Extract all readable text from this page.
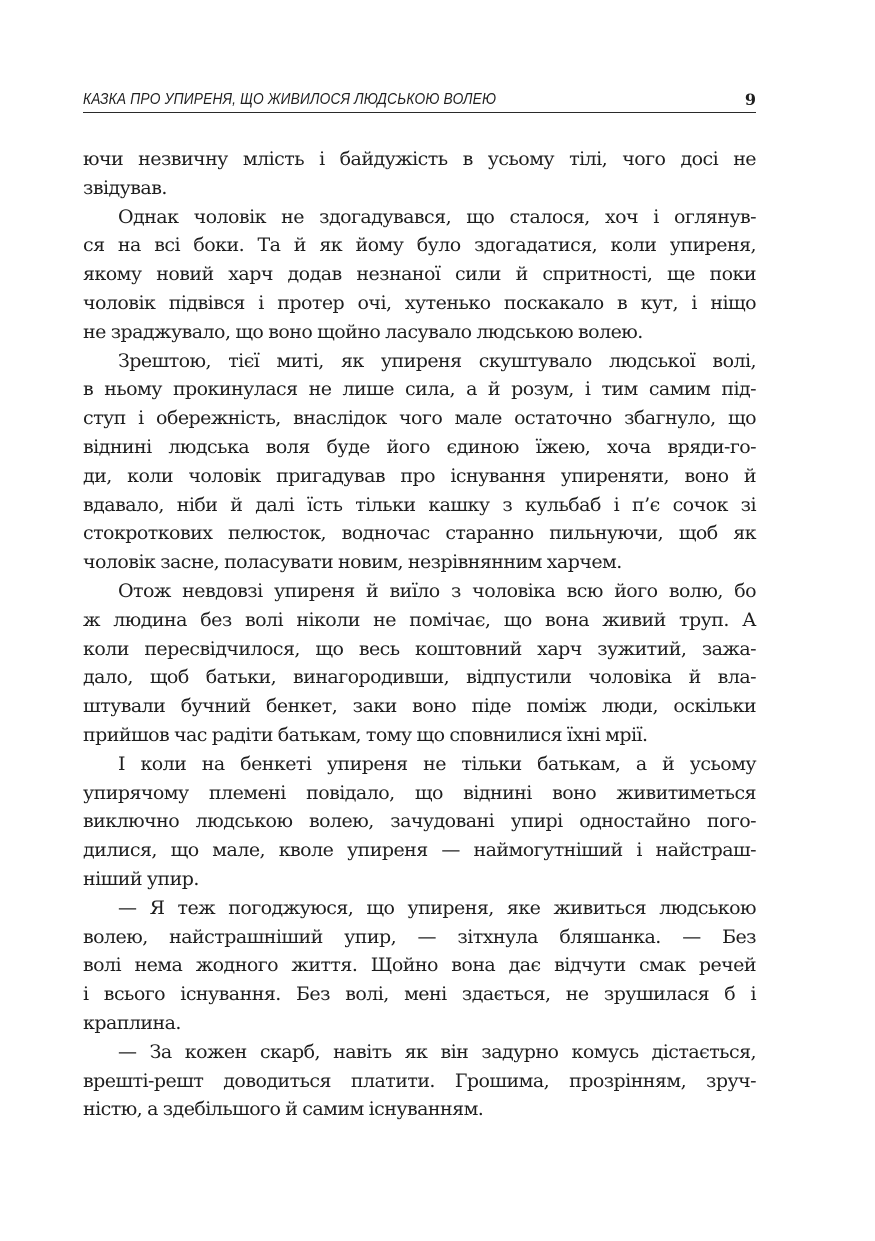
КАЗКА ПРО УПИРЕНЯ, ЩО ЖИВИЛОСЯ ЛЮДСЬКОЮ ВОЛЕЮ	9

ючи незвичну млість і байдужість в усьому тілі, чого досі не
звідував.

Однак чоловік не здогадувався, що сталося, хоч і оглянув-
ся на всі боки. Та й як йому було здогадатися, коли упиреня,
якому новий харч додав незнаної сили й спритності, ще поки
чоловік підвівся і протер очі, хутенько поскакало в кут, і ніщо
не зраджувало, що воно щойно ласувало людською волею.

Зрештою, тієї миті, як упиреня скуштувало людської волі,
в ньому прокинулася не лише сила, а й розум, і тим самим під-
ступ і обережність, внаслідок чого мале остаточно збагнуло, що
віднині людська воля буде його єдиною їжею, хоча вряди-го-
ди, коли чоловік пригадував про існування упиреняти, воно й
вдавало, ніби й далі їсть тільки кашку з кульбаб і п’є сочок зі
стокроткових пелюсток, водночас старанно пильнуючи, щоб як
чоловік засне, поласувати новим, незрівнянним харчем.

Отож невдовзі упиреня й виїло з чоловіка всю його волю, бо
ж людина без волі ніколи не помічає, що вона живий труп. А
коли пересвідчилося, що весь коштовний харч зужитий, зажа-
дало, щоб батьки, винагородивши, відпустили чоловіка й вла-
штували бучний бенкет, заки воно піде поміж люди, оскільки
прийшов час радіти батькам, тому що сповнилися їхні мрії.

І коли на бенкеті упиреня не тільки батькам, а й усьому
упирячому племені повідало, що віднині воно живитиметься
виключно людською волею, зачудовані упирі одностайно пого-
дилися, що мале, кволе упиреня — наймогутніший і найстраш-
ніший упир.

— Я теж погоджуюся, що упиреня, яке живиться людською
волею, найстрашніший упир, — зітхнула бляшанка. — Без
волі нема жодного життя. Щойно вона дає відчути смак речей
і всього існування. Без волі, мені здається, не зрушилася б і
краплина.

— За кожен скарб, навіть як він задурно комусь дістається,
врешті-решт доводиться платити. Грошима, прозрінням, зруч-
ністю, а здебільшого й самим існуванням.
